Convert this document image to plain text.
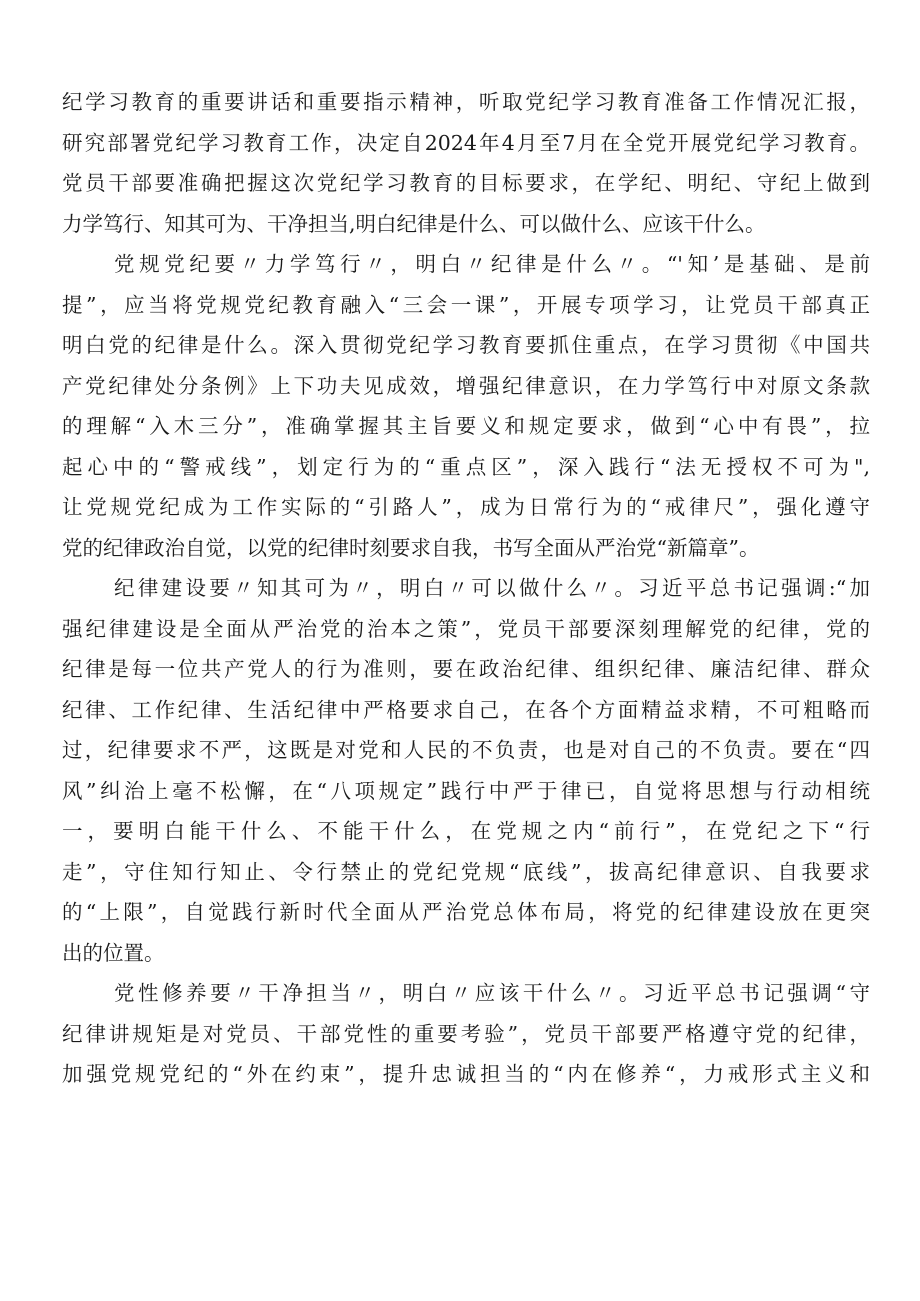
纪学习教育的重要讲话和重要指示精神，听取党纪学习教育准备工作情况汇报，
研究部署党纪学习教育工作，决定自2024年4月至7月在全党开展党纪学习教育。
党员干部要准确把握这次党纪学习教育的目标要求，在学纪、明纪、守纪上做到
力学笃行、知其可为、干净担当,明白纪律是什么、可以做什么、应该干什么。
党规党纪要〃力学笃行〃，明白〃纪律是什么〃。“'知’是基础、是前
提”，应当将党规党纪教育融入“三会一课”，开展专项学习，让党员干部真正
明白党的纪律是什么。深入贯彻党纪学习教育要抓住重点，在学习贯彻《中国共
产党纪律处分条例》上下功夫见成效，增强纪律意识，在力学笃行中对原文条款
的理解“入木三分”，准确掌握其主旨要义和规定要求，做到“心中有畏”，拉
起心中的“警戒线”，划定行为的“重点区”，深入践行“法无授权不可为",
让党规党纪成为工作实际的“引路人”，成为日常行为的“戒律尺”，强化遵守
党的纪律政治自觉，以党的纪律时刻要求自我，书写全面从严治党“新篇章”。
纪律建设要〃知其可为〃，明白〃可以做什么〃。习近平总书记强调:“加
强纪律建设是全面从严治党的治本之策”，党员干部要深刻理解党的纪律，党的
纪律是每一位共产党人的行为准则，要在政治纪律、组织纪律、廉洁纪律、群众
纪律、工作纪律、生活纪律中严格要求自己，在各个方面精益求精，不可粗略而
过，纪律要求不严，这既是对党和人民的不负责，也是对自己的不负责。要在“四
风”纠治上毫不松懈，在“八项规定”践行中严于律已，自觉将思想与行动相统
一，要明白能干什么、不能干什么，在党规之内“前行”，在党纪之下“行
走”，守住知行知止、令行禁止的党纪党规“底线”，拔高纪律意识、自我要求
的“上限”，自觉践行新时代全面从严治党总体布局，将党的纪律建设放在更突
出的位置。
党性修养要〃干净担当〃，明白〃应该干什么〃。习近平总书记强调“守
纪律讲规矩是对党员、干部党性的重要考验”，党员干部要严格遵守党的纪律，
加强党规党纪的“外在约束”，提升忠诚担当的“内在修养“，力戒形式主义和
